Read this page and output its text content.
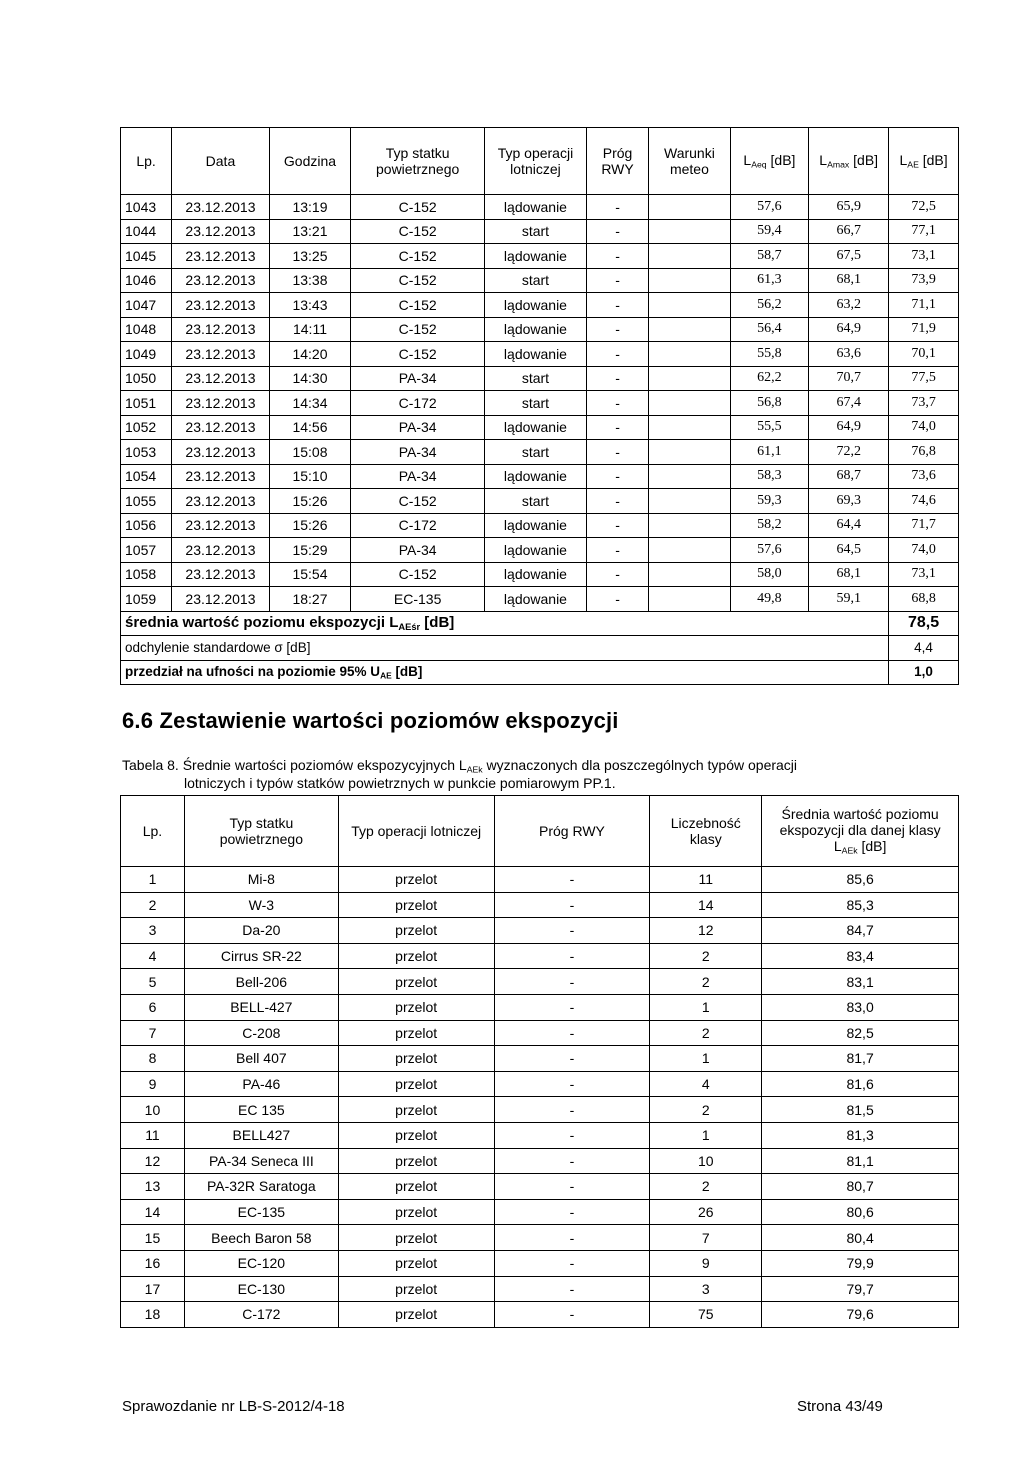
Lp.	Data	Godzina	Typ statku powietrznego	Typ operacji lotniczej	Próg RWY	Warunki meteo	$L_{Aeq}$ [dB]	$L_{Amax}$ [dB]	$L_{AE}$ [dB]
1043	23.12.2013	13:19	C-152	lądowanie	-		57,6	65,9	72,5
1044	23.12.2013	13:21	C-152	start	-		59,4	66,7	77,1
1045	23.12.2013	13:25	C-152	lądowanie	-		58,7	67,5	73,1
1046	23.12.2013	13:38	C-152	start	-		61,3	68,1	73,9
1047	23.12.2013	13:43	C-152	lądowanie	-		56,2	63,2	71,1
1048	23.12.2013	14:11	C-152	lądowanie	-		56,4	64,9	71,9
1049	23.12.2013	14:20	C-152	lądowanie	-		55,8	63,6	70,1
1050	23.12.2013	14:30	PA-34	start	-		62,2	70,7	77,5
1051	23.12.2013	14:34	C-172	start	-		56,8	67,4	73,7
1052	23.12.2013	14:56	PA-34	lądowanie	-		55,5	64,9	74,0
1053	23.12.2013	15:08	PA-34	start	-		61,1	72,2	76,8
1054	23.12.2013	15:10	PA-34	lądowanie	-		58,3	68,7	73,6
1055	23.12.2013	15:26	C-152	start	-		59,3	69,3	74,6
1056	23.12.2013	15:26	C-172	lądowanie	-		58,2	64,4	71,7
1057	23.12.2013	15:29	PA-34	lądowanie	-		57,6	64,5	74,0
1058	23.12.2013	15:54	C-152	lądowanie	-		58,0	68,1	73,1
1059	23.12.2013	18:27	EC-135	lądowanie	-		49,8	59,1	68,8
średnia wartość poziomu ekspozycji $L_{AEśr}$ [dB]									78,5
odchylenie standardowe σ [dB]									4,4
przedział na ufności na poziomie 95% $U_{AE}$ [dB]									1,0
6.6 Zestawienie wartości poziomów ekspozycji

Tabela 8. Średnie wartości poziomów ekspozycyjnych $L_{AEk}$ wyznaczonych dla poszczególnych typów operacji
lotniczych i typów statków powietrznych w punkcie pomiarowym PP.1.

Lp.	Typ statku powietrznego	Typ operacji lotniczej	Próg RWY	Liczebność klasy	Średnia wartość poziomu ekspozycji dla danej klasy $L_{AEk}$ [dB]
1	Mi-8	przelot	-	11	85,6
2	W-3	przelot	-	14	85,3
3	Da-20	przelot	-	12	84,7
4	Cirrus SR-22	przelot	-	2	83,4
5	Bell-206	przelot	-	2	83,1
6	BELL-427	przelot	-	1	83,0
7	C-208	przelot	-	2	82,5
8	Bell 407	przelot	-	1	81,7
9	PA-46	przelot	-	4	81,6
10	EC 135	przelot	-	2	81,5
11	BELL427	przelot	-	1	81,3
12	PA-34 Seneca III	przelot	-	10	81,1
13	PA-32R Saratoga	przelot	-	2	80,7
14	EC-135	przelot	-	26	80,6
15	Beech Baron 58	przelot	-	7	80,4
16	EC-120	przelot	-	9	79,9
17	EC-130	przelot	-	3	79,7
18	C-172	przelot	-	75	79,6
Sprawozdanie nr LB-S-2012/4-18	Strona 43/49
